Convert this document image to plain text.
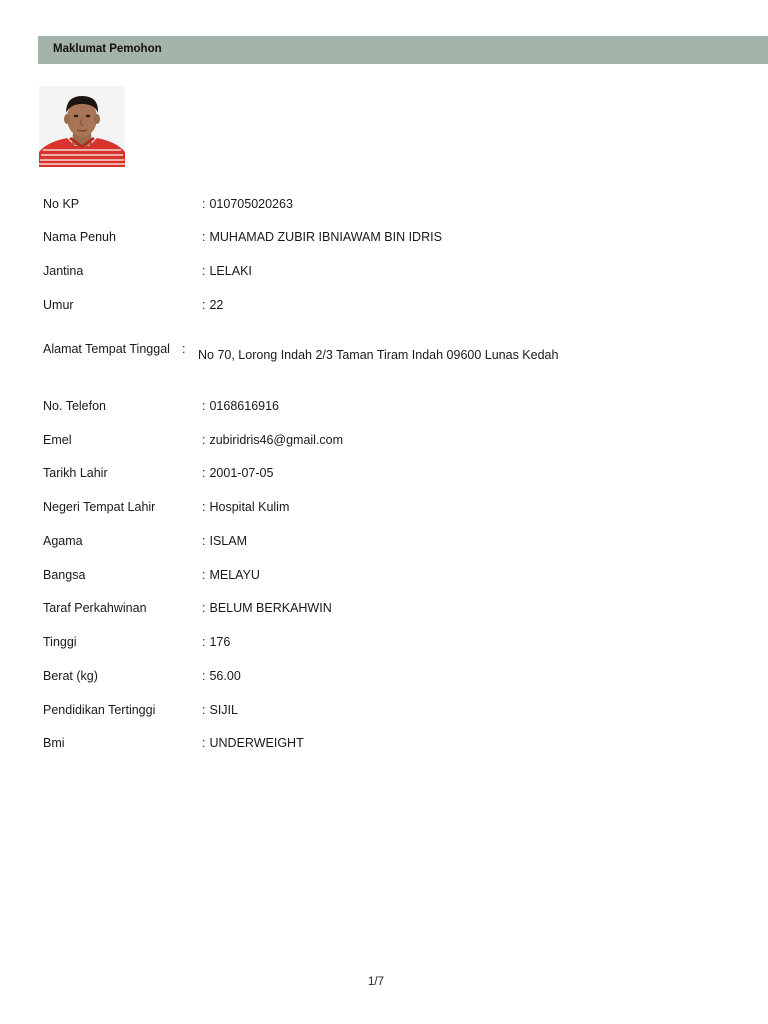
Maklumat Pemohon
No KP	: 010705020263
Nama Penuh	: MUHAMAD ZUBIR IBNIAWAM BIN IDRIS
Jantina	: LELAKI
Umur	: 22
Alamat Tempat Tinggal : No 70, Lorong Indah 2/3 Taman Tiram Indah 09600 Lunas Kedah
No. Telefon	: 0168616916
Emel	: zubiridris46@gmail.com
Tarikh Lahir	: 2001-07-05
Negeri Tempat Lahir	: Hospital Kulim
Agama	: ISLAM
Bangsa	: MELAYU
Taraf Perkahwinan	: BELUM BERKAHWIN
Tinggi	: 176
Berat (kg)	: 56.00
Pendidikan Tertinggi	: SIJIL
Bmi	: UNDERWEIGHT
1/7
